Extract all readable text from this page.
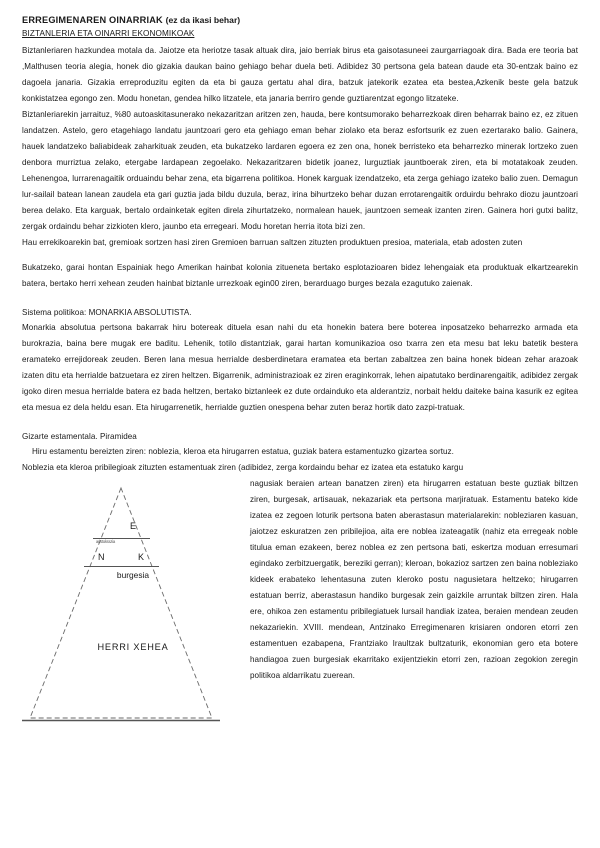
ERREGIMENAREN OINARRIAK (ez da ikasi behar)
BIZTANLERIA ETA OINARRI EKONOMIKOAK

Biztanleriaren hazkundea motala da. Jaiotze eta heriotze tasak altuak dira, jaio berriak birus eta gaisotasuneei zaurgarriagoak dira. Bada ere teoria bat ,Malthusen teoria alegia, honek dio gizakia daukan baino gehiago behar duela beti. Adibidez 30 pertsona gela batean daude eta 30-entzak baino ez dagoela janaria. Gizakia erreproduzitu egiten da eta bi gauza gertatu ahal dira, batzuk jatekorik ezatea eta bestea,Azkenik beste gela batzuk konkistatzea egongo zen. Modu honetan, gendea hilko litzatele, eta janaria berriro gende guztiarentzat egongo litzateke.

Biztanleriarekin jarraituz, %80 autoaskitasunerako nekazaritzan aritzen zen, hauda, bere kontsumorako beharrezkoak diren beharrak baino ez, ez zituen landatzen. Astelo, gero etagehiago landatu jauntzoari gero eta gehiago eman behar ziolako eta beraz esfortsurik ez zuen ezertarako balio. Gainera, hauek landatzeko baliabideak zaharkituak zeuden, eta bukatzeko lardaren egoera ez zen ona, honek berristeko eta beharrezko minerak lortzeko zuen denbora murriztua zelako, etergabe lardapean zegoelako. Nekazaritzaren bidetik joanez, lurguztiak jauntboerak ziren, eta bi motatakoak zeuden. Lehenengoa, lurrarenagaitik orduaindu behar zena, eta bigarrena politikoa. Honek karguak izendatzeko, eta zerga gehiago izateko balio zuen. Demagun lur-sailail batean lanean zaudela eta gari guztia jada bildu duzula, beraz, irina bihurtzeko behar duzan errotarengaitik orduirdu behrako diozu jauntzoari berea delako. Eta karguak, bertalo ordainketak egiten direla zihurtatzeko, normalean hauek, jauntzoen semeak izanten ziren. Gainera hori gutxi balitz, zergak ordaindu behar zizkioten klero, jaunbo eta erregeari. Modu horetan herria itota bizi zen.

Hau errekikoarekin bat, gremioak sortzen hasi ziren Gremioen barruan saltzen zituzten produktuen presioa, materiala, etab adosten zuten

Bukatzeko, garai hontan Espainiak hego Amerikan hainbat kolonia zitueneta bertako esplotazioaren bidez lehengaiak eta produktuak elkartzearekin batera, bertako herri xehean zeuden hainbat biztanle urrezkoak egin00 ziren, berarduago burges bezala ezagutuko zaienak.

Sistema politikoa: MONARKIA ABSOLUTISTA.

Monarkia absolutua pertsona bakarrak hiru botereak dituela esan nahi du eta honekin batera bere boterea inposatzeko beharrezko armada eta burokrazia, baina bere mugak ere baditu. Lehenik, totilo distantziak, garai hartan komunikazioa oso txarra zen eta mesu bat leku batetik bestera eramateko errejidoreak zeuden. Beren lana mesua herrialde desberdinetara eramatea eta bertan zabaltzea zen baina honek bidean zehar arazoak izaten ditu eta herrialde batzuetara ez ziren heltzen. Bigarrenik, administrazioak ez ziren eraginkorrak, lehen aipatutako berdinarengaitik, adibidez zergak igoko diren mesua herrialde batera ez bada heltzen, bertako biztanleek ez dute ordainduko eta alderantziz, norbait heldu daiteke baina kasurik ez egitea eta mesua ez dela heldu esan. Eta hirugarrenetik, herrialde guztien onespena behar zuten beraz hortik dato zazpi-tratuak.

Gizarte estamentala. Piramidea

Hiru estamentu bereizten ziren: noblezia, kleroa eta hirugarren estatua, guziak batera estamentuzko gizartea sortuz.

Noblezia eta kleroa pribilegioak zituzten estamentuak ziren (adibidez, zerga kordaindu behar ez izatea eta estatuko kargu

E
aristokrazia
N	K
burgesia
HERRI XEHEA

nagusiak beraien artean banatzen ziren) eta hirugarren estatuan beste guztiak biltzen ziren, burgesak, artisauak, nekazariak eta pertsona marjiratuak. Estamentu bateko kide izatea ez zegoen loturik pertsona baten aberastasun materialarekin: nobleziaren kasuan, jaiotzez eskuratzen zen pribilejioa, aita ere noblea izateagatik (nahiz eta erregeak noble titulua eman ezakeen, berez noblea ez zen pertsona bati, eskertza moduan erresumari egindako zerbitzuergatik, bereziki gerran); kleroan, bokazioz sartzen zen baina nobleziako kideek erabateko lehentasuna zuten kleroko postu nagusietara heltzeko; hirugarren estatuan berriz, aberastasun handiko burgesak zein gaizkile arruntak biltzen ziren. Hala ere, ohikoa zen estamentu pribilegiatuek lursail handiak izatea, beraien mendean zeuden nekazariekin. XVIII. mendean, Antzinako Erregimenaren krisiaren ondoren etorri zen estamentuen ezabapena, Frantziako Iraultzak bultzaturik, ekonomian gero eta botere handiagoa zuen burgesiak ekarritako exijentziekin etorri zen, razioan zegokion zeregin politikoa aldarrikatu zuerean.
